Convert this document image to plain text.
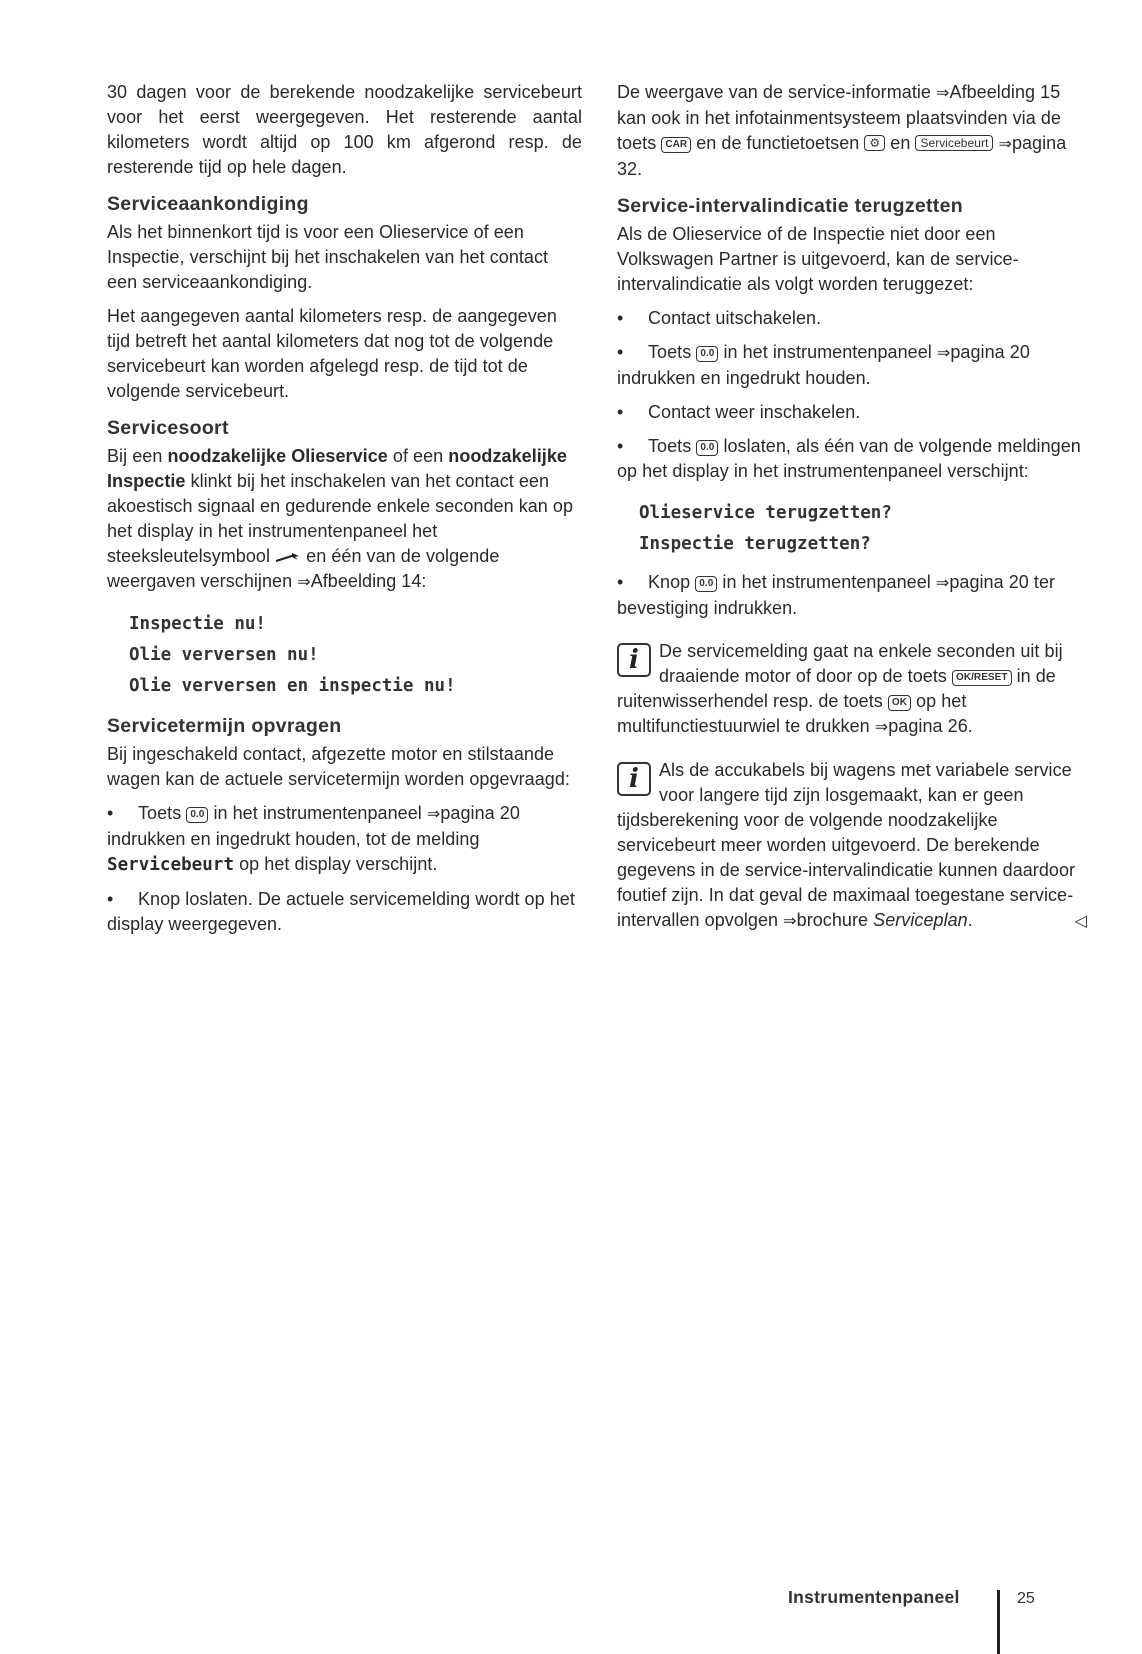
30 dagen voor de berekende noodzakelijke servicebeurt voor het eerst weergegeven. Het resterende aantal kilometers wordt altijd op 100 km afgerond resp. de resterende tijd op hele dagen.

Serviceaankondiging

Als het binnenkort tijd is voor een Olieservice of een Inspectie, verschijnt bij het inschakelen van het contact een serviceaankondiging.

Het aangegeven aantal kilometers resp. de aangegeven tijd betreft het aantal kilometers dat nog tot de volgende servicebeurt kan worden afgelegd resp. de tijd tot de volgende servicebeurt.

Servicesoort

Bij een noodzakelijke Olieservice of een noodzakelijke Inspectie klinkt bij het inschakelen van het contact een akoestisch signaal en gedurende enkele seconden kan op het display in het instrumentenpaneel het steeksleutelsymbool  en één van de volgende weergaven verschijnen ⇒Afbeelding 14:

Inspectie nu!
Olie verversen nu!
Olie verversen en inspectie nu!
Servicetermijn opvragen

Bij ingeschakeld contact, afgezette motor en stilstaande wagen kan de actuele servicetermijn worden opgevraagd:

• Toets 0.0 in het instrumentenpaneel ⇒pagina 20 indrukken en ingedrukt houden, tot de melding Servicebeurt op het display verschijnt.

• Knop loslaten. De actuele servicemelding wordt op het display weergegeven.

De weergave van de service-informatie ⇒Afbeelding 15 kan ook in het infotainmentsysteem plaatsvinden via de toets CAR en de functietoetsen ⚙ en Servicebeurt ⇒pagina 32.

Service-intervalindicatie terugzetten

Als de Olieservice of de Inspectie niet door een Volkswagen Partner is uitgevoerd, kan de service-intervalindicatie als volgt worden teruggezet:

• Contact uitschakelen.

• Toets 0.0 in het instrumentenpaneel ⇒pagina 20 indrukken en ingedrukt houden.

• Contact weer inschakelen.

• Toets 0.0 loslaten, als één van de volgende meldingen op het display in het instrumentenpaneel verschijnt:

Olieservice terugzetten?
Inspectie terugzetten?

• Knop 0.0 in het instrumentenpaneel ⇒pagina 20 ter bevestiging indrukken.

i	De servicemelding gaat na enkele seconden uit bij draaiende motor of door op de toets OK/RESET in de ruitenwisserhendel resp. de toets OK op het multifunctiestuurwiel te drukken ⇒pagina 26.

i	Als de accukabels bij wagens met variabele service voor langere tijd zijn losgemaakt, kan er geen tijdsberekening voor de volgende noodzakelijke servicebeurt meer worden uitgevoerd. De berekende gegevens in de service-intervalindicatie kunnen daardoor foutief zijn. In dat geval de maximaal toegestane service-intervallen opvolgen ⇒brochure Serviceplan.	◁

Instrumentenpaneel	25
